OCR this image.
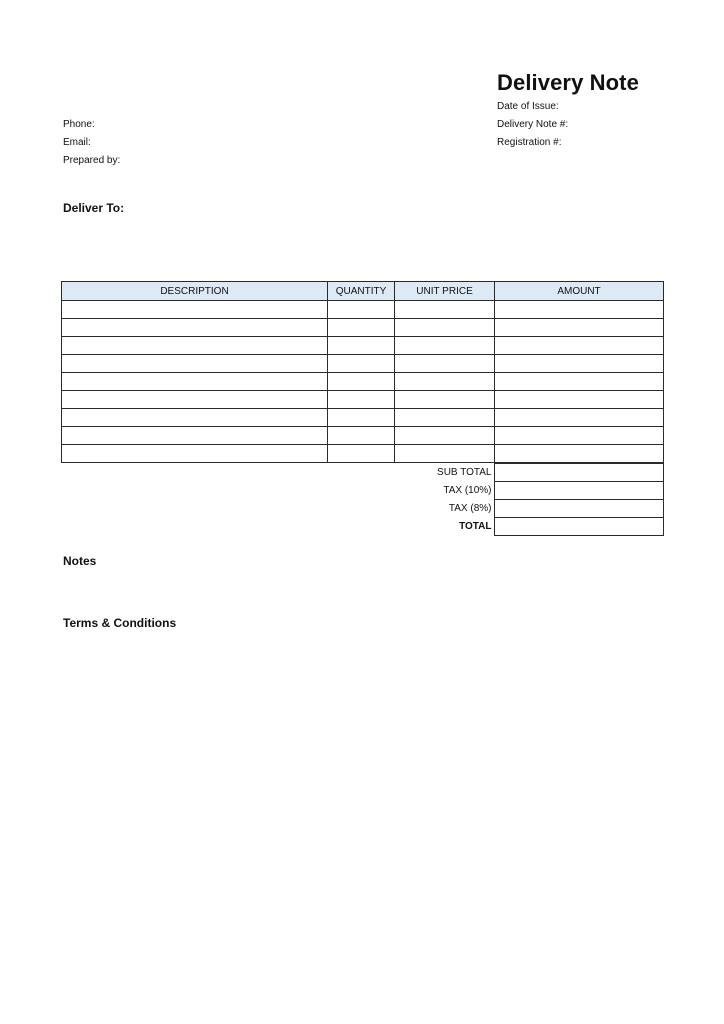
Delivery Note
Date of Issue:
Delivery Note #:
Registration #:
Phone:
Email:
Prepared by:
Deliver To:
DESCRIPTION	QUANTITY	UNIT PRICE	AMOUNT

SUB TOTAL	
TAX (10%)	
TAX (8%)	
TOTAL	
Notes
Terms & Conditions
